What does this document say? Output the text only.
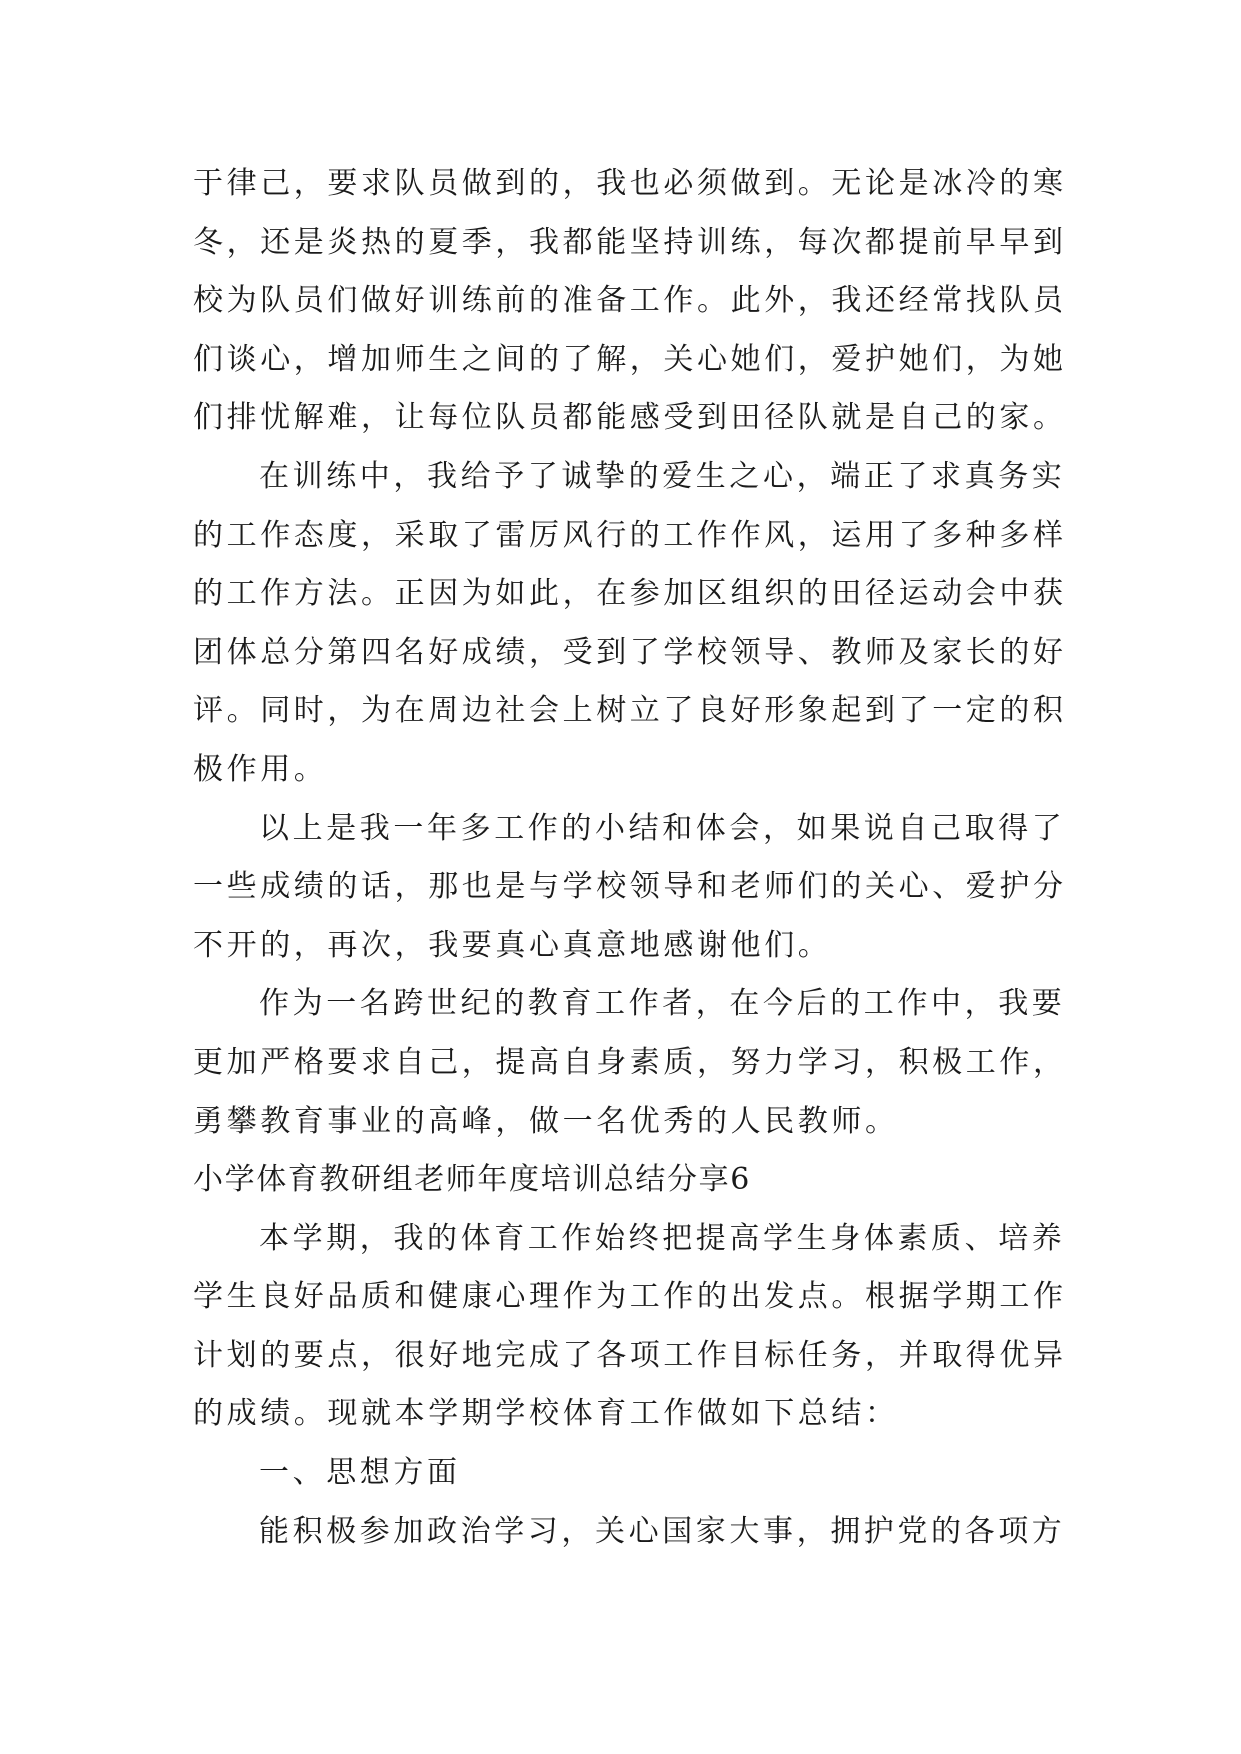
于律己，要求队员做到的，我也必须做到。无论是冰冷的寒
冬，还是炎热的夏季，我都能坚持训练，每次都提前早早到
校为队员们做好训练前的准备工作。此外，我还经常找队员
们谈心，增加师生之间的了解，关心她们，爱护她们，为她
们排忧解难，让每位队员都能感受到田径队就是自己的家。
在训练中，我给予了诚挚的爱生之心，端正了求真务实
的工作态度，采取了雷厉风行的工作作风，运用了多种多样
的工作方法。正因为如此，在参加区组织的田径运动会中获
团体总分第四名好成绩，受到了学校领导、教师及家长的好
评。同时，为在周边社会上树立了良好形象起到了一定的积
极作用。
以上是我一年多工作的小结和体会，如果说自己取得了
一些成绩的话，那也是与学校领导和老师们的关心、爱护分
不开的，再次，我要真心真意地感谢他们。
作为一名跨世纪的教育工作者，在今后的工作中，我要
更加严格要求自己，提高自身素质，努力学习，积极工作，
勇攀教育事业的高峰，做一名优秀的人民教师。
小学体育教研组老师年度培训总结分享6
本学期，我的体育工作始终把提高学生身体素质、培养
学生良好品质和健康心理作为工作的出发点。根据学期工作
计划的要点，很好地完成了各项工作目标任务，并取得优异
的成绩。现就本学期学校体育工作做如下总结：
一、思想方面
能积极参加政治学习，关心国家大事，拥护党的各项方
